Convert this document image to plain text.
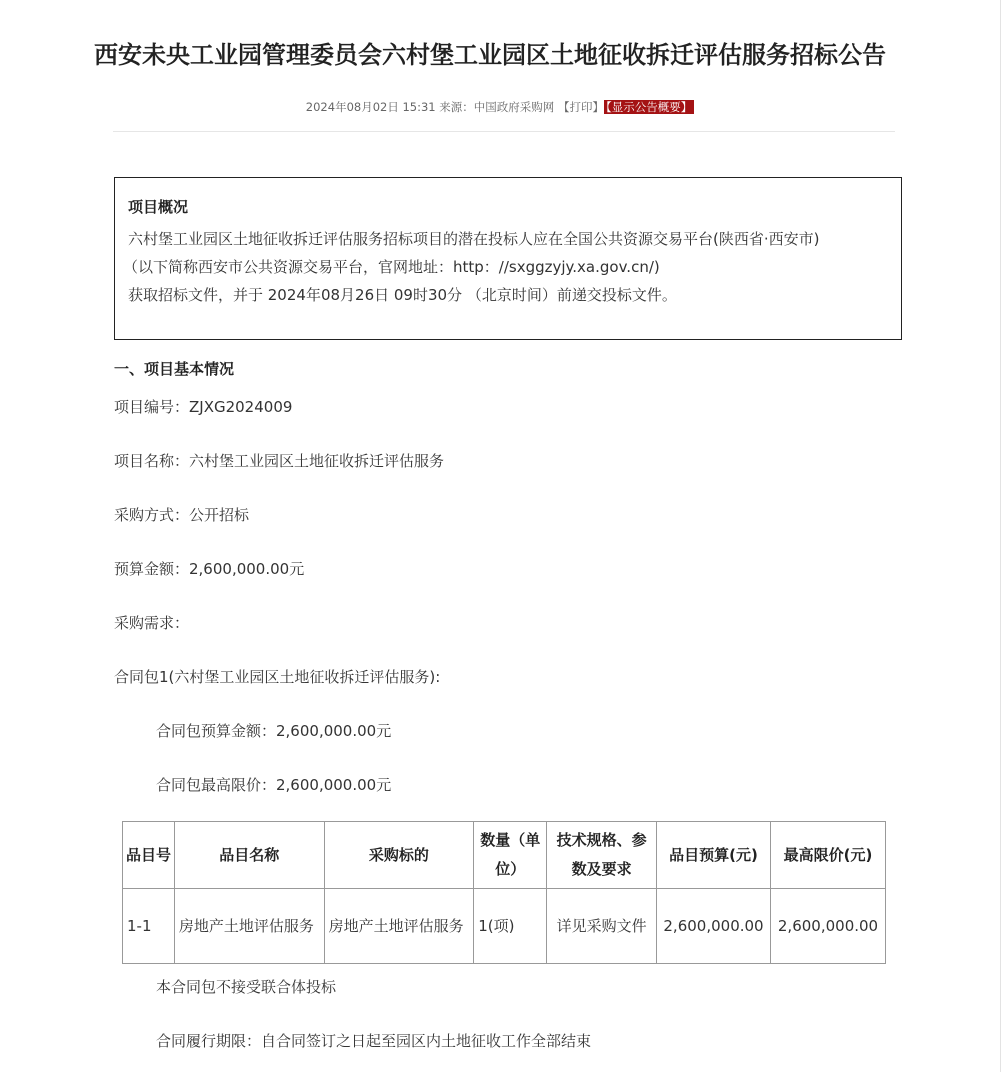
西安未央工业园管理委员会六村堡工业园区土地征收拆迁评估服务招标公告
2024年08月02日 15:31 来源：中国政府采购网 【打印】 【显示公告概要】
项目概况
六村堡工业园区土地征收拆迁评估服务招标项目的潜在投标人应在全国公共资源交易平台(陕西省·西安市)
（以下简称西安市公共资源交易平台，官网地址：http：//sxggzyjy.xa.gov.cn/)
获取招标文件，并于 2024年08月26日 09时30分 （北京时间）前递交投标文件。
一、项目基本情况
项目编号：ZJXG2024009
项目名称：六村堡工业园区土地征收拆迁评估服务
采购方式：公开招标
预算金额：2,600,000.00元
采购需求：
合同包1(六村堡工业园区土地征收拆迁评估服务):
合同包预算金额：2,600,000.00元
合同包最高限价：2,600,000.00元
品目号	品目名称	采购标的	数量（单位）	技术规格、参数及要求	品目预算(元)	最高限价(元)
1-1	房地产土地评估服务	房地产土地评估服务	1(项)	详见采购文件	2,600,000.00	2,600,000.00
本合同包不接受联合体投标
合同履行期限：自合同签订之日起至园区内土地征收工作全部结束
